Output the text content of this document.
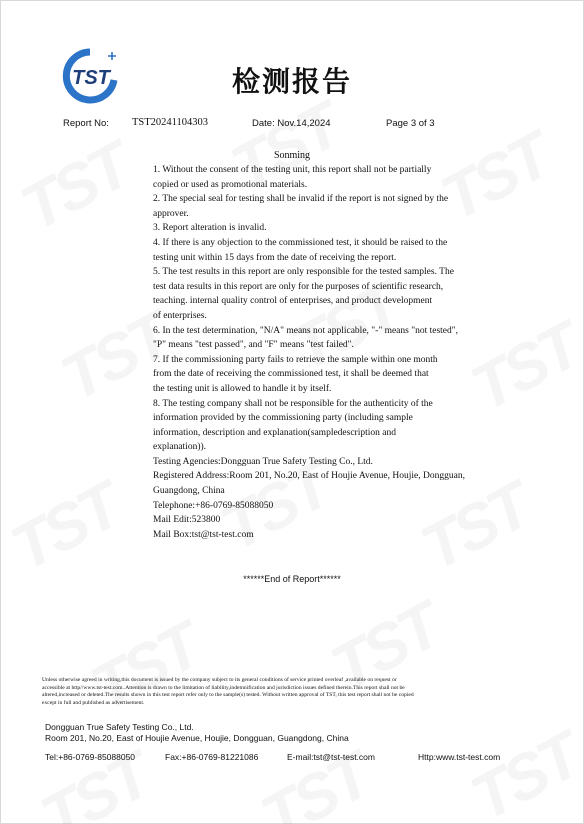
TST	检测报告
Report No: TST20241104303	Date: Nov.14,2024	Page 3 of 3
Sonming
1. Without the consent of the testing unit, this report shall not be partially
copied or used as promotional materials.
2. The special seal for testing shall be invalid if the report is not signed by the
approver.
3. Report alteration is invalid.
4. If there is any objection to the commissioned test, it should be raised to the
testing unit within 15 days from the date of receiving the report.
5. The test results in this report are only responsible for the tested samples. The
test data results in this report are only for the purposes of scientific research,
teaching. internal quality control of enterprises, and product development
of enterprises.
6. In the test determination, "N/A" means not applicable, "-" means "not tested",
"P" means "test passed", and "F" means "test failed".
7. If the commissioning party fails to retrieve the sample within one month
from the date of receiving the commissioned test, it shall be deemed that
the testing unit is allowed to handle it by itself.
8. The testing company shall not be responsible for the authenticity of the
information provided by the commissioning party (including sample
information, description and explanation(sampledescription and
explanation)).
Testing Agencies:Dongguan True Safety Testing Co., Ltd.
Registered Address:Room 201, No.20, East of Houjie Avenue, Houjie, Dongguan,
Guangdong, China
Telephone:+86-0769-85088050
Mail Edit:523800
Mail Box:tst@tst-test.com
******End of Report******
Unless otherwise agreed in writing,this document is issued by the company subject to its general conditions of service printed overleaf ,available on request or
accessible at http//www.tst-test.com..Attention is drawn to the limitation of liability,indemnification and jurisdiction issues defined therein.This report shall not be
altered,increased or deleted.The results shown in this test report refer only to the sample(s) tested. Without written approval of TST, this test report shall not be copied
except in full and published as advertisement.
Dongguan True Safety Testing Co., Ltd.
Room 201, No.20, East of Houjie Avenue, Houjie, Dongguan, Guangdong, China
Tel:+86-0769-85088050	Fax:+86-0769-81221086	E-mail:tst@tst-test.com	Http:www.tst-test.com
